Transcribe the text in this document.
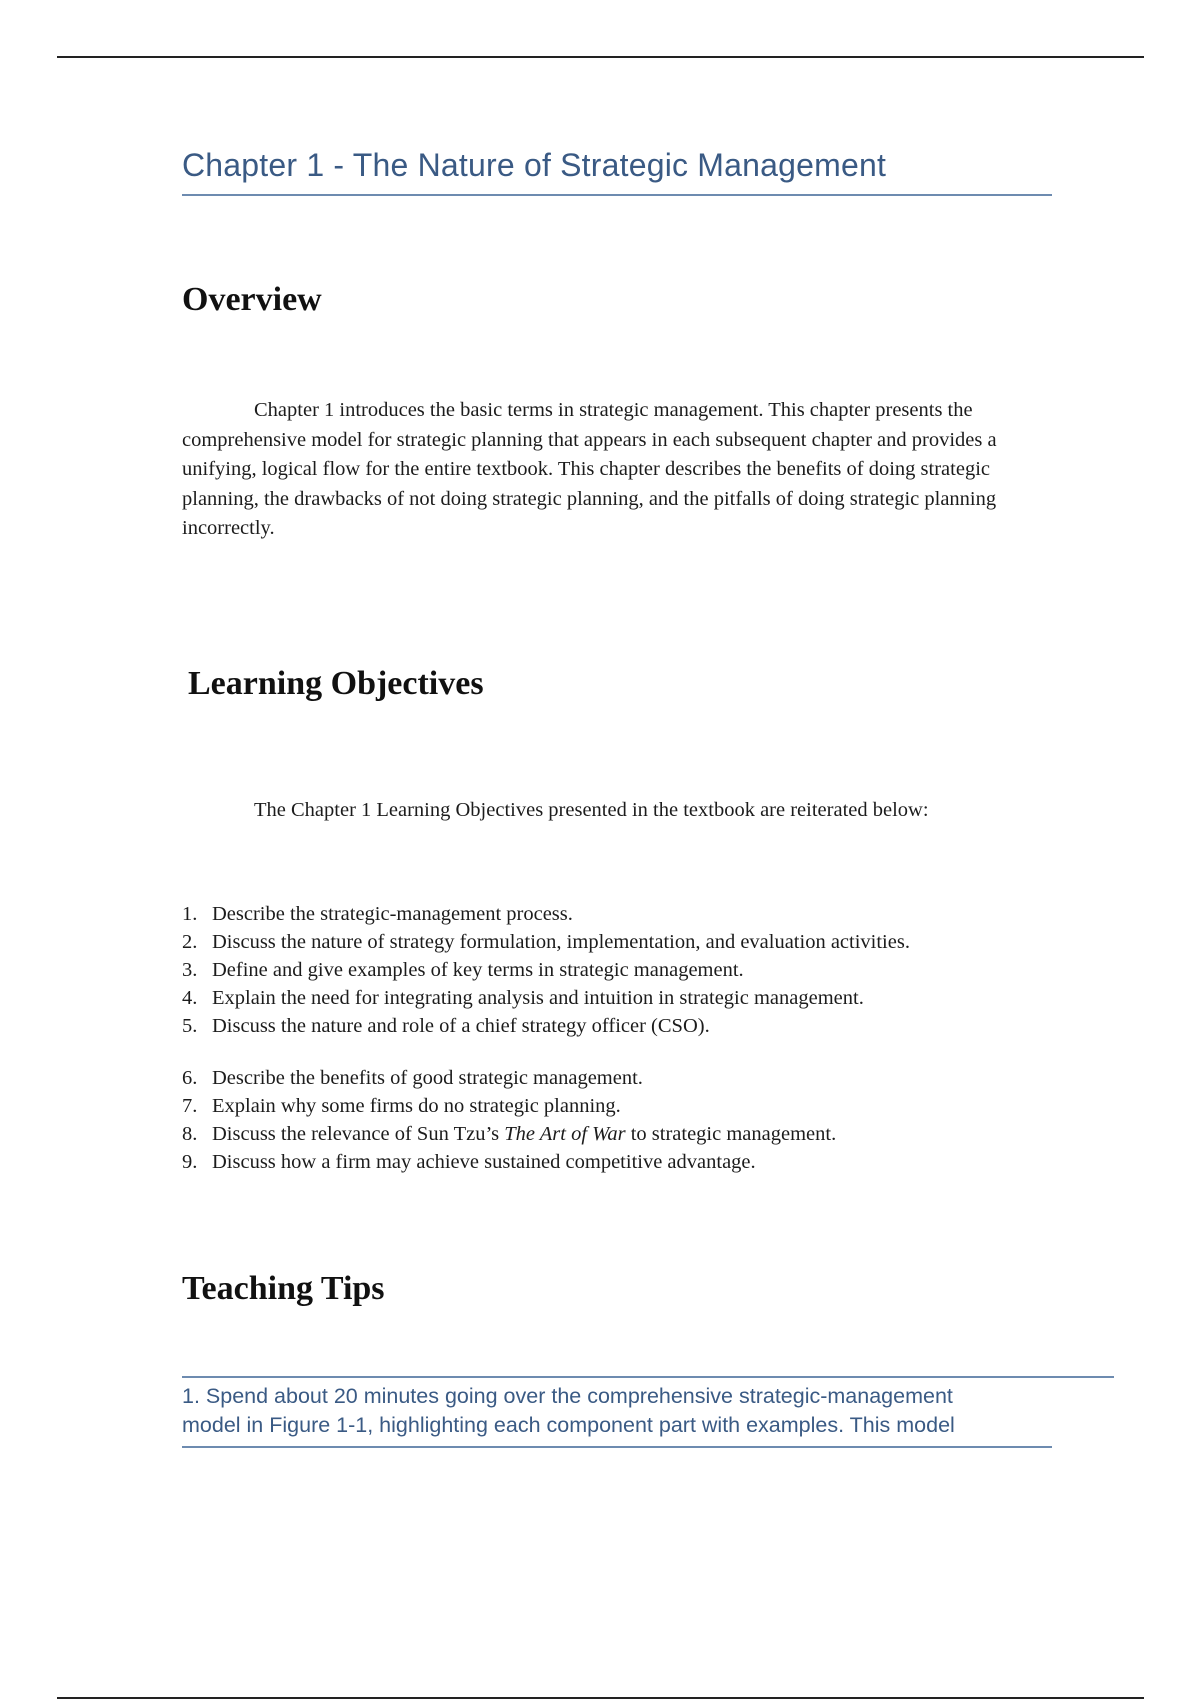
Chapter 1 - The Nature of Strategic Management
Overview

Chapter 1 introduces the basic terms in strategic management. This chapter presents the comprehensive model for strategic planning that appears in each subsequent chapter and provides a unifying, logical flow for the entire textbook. This chapter describes the benefits of doing strategic planning, the drawbacks of not doing strategic planning, and the pitfalls of doing strategic planning incorrectly.

Learning Objectives
The Chapter 1 Learning Objectives presented in the textbook are reiterated below:
1. Describe the strategic-management process.
2. Discuss the nature of strategy formulation, implementation, and evaluation activities.
3. Define and give examples of key terms in strategic management.
4. Explain the need for integrating analysis and intuition in strategic management.
5. Discuss the nature and role of a chief strategy officer (CSO).
6. Describe the benefits of good strategic management.
7. Explain why some firms do no strategic planning.
8. Discuss the relevance of Sun Tzu’s The Art of War to strategic management.
9. Discuss how a firm may achieve sustained competitive advantage.
Teaching Tips
1. Spend about 20 minutes going over the comprehensive strategic-management
model in Figure 1-1, highlighting each component part with examples. This model
